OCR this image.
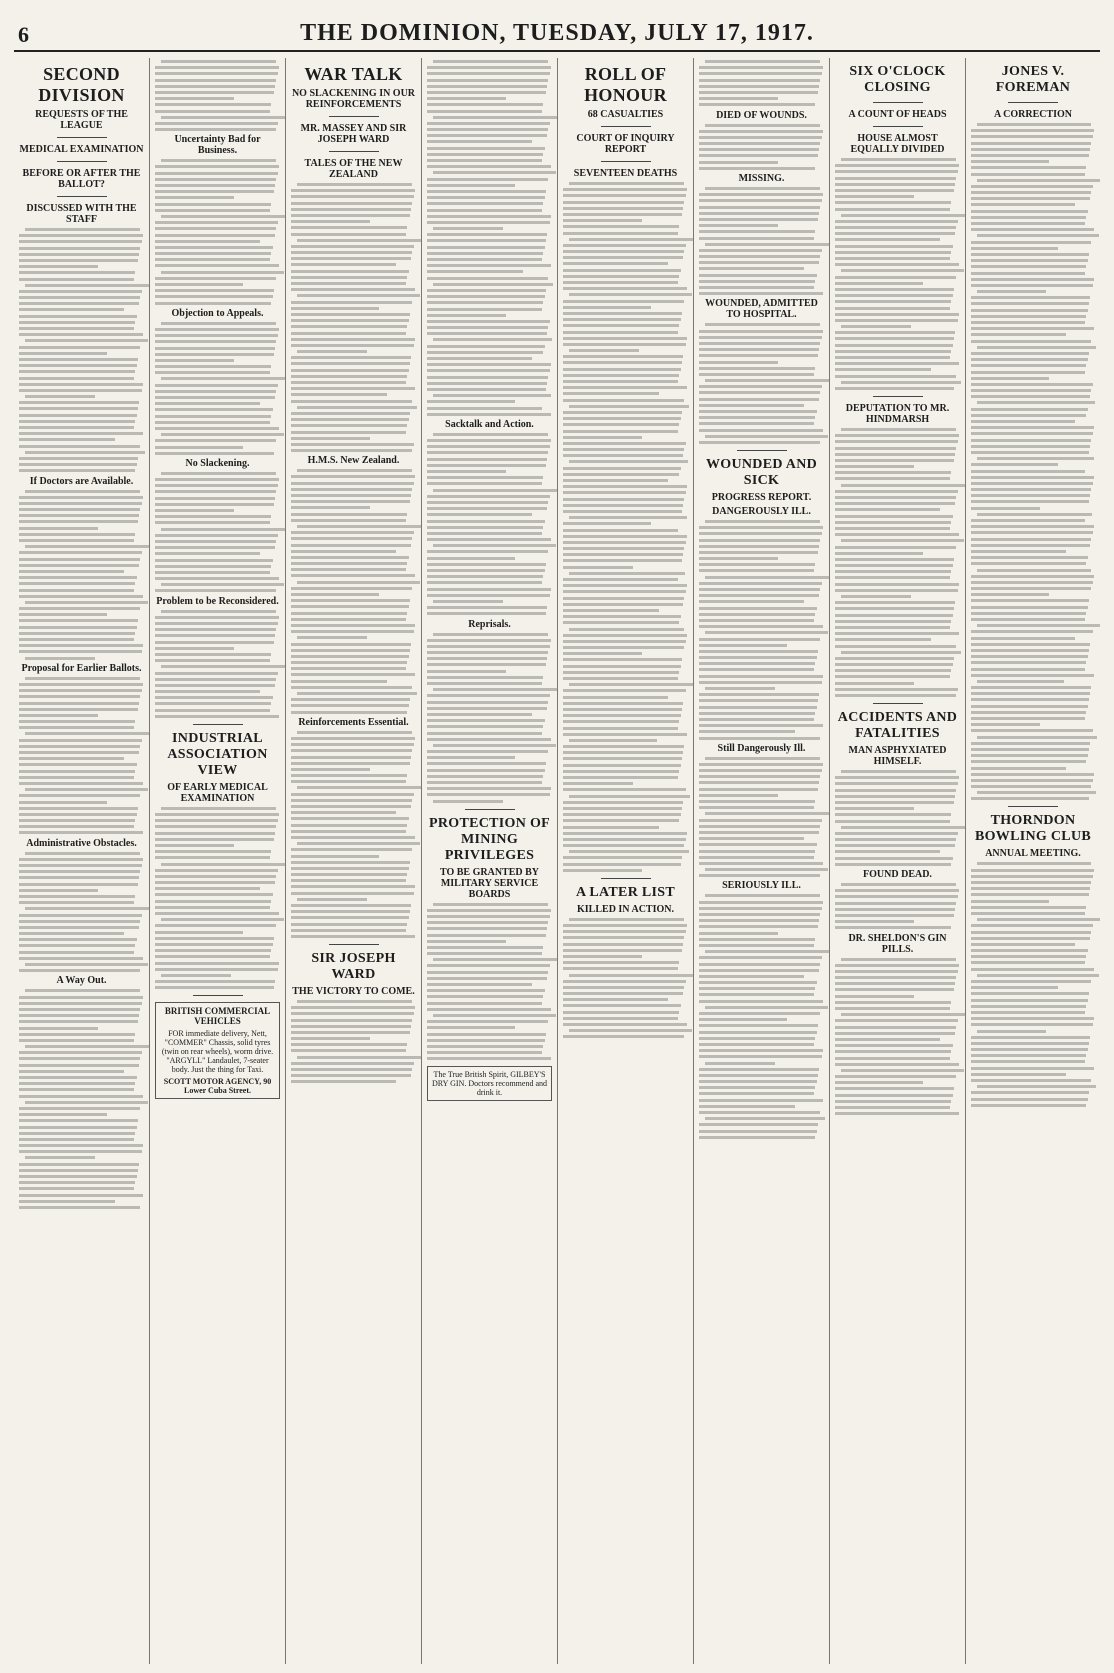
6	THE DOMINION, TUESDAY, JULY 17, 1917.
SECOND DIVISION
REQUESTS OF THE LEAGUE
MEDICAL EXAMINATION
BEFORE OR AFTER THE BALLOT?
DISCUSSED WITH THE STAFF
If Doctors are Available.
Proposal for Earlier Ballots.
Administrative Obstacles.
A Way Out.
Uncertainty Bad for Business.
Objection to Appeals.
No Slackening.
Problem to be Reconsidered.
INDUSTRIAL ASSOCIATION VIEW
OF EARLY MEDICAL EXAMINATION
BRITISH COMMERCIAL VEHICLES
FOR immediate delivery, Nett, "COMMER" Chassis, solid tyres (twin on rear wheels), worm drive. "ARGYLL" Landaulet, 7-seater body. Just the thing for Taxi.
SCOTT MOTOR AGENCY, 90 Lower Cuba Street.
WAR TALK
NO SLACKENING IN OUR REINFORCEMENTS
MR. MASSEY AND SIR JOSEPH WARD
TALES OF THE NEW ZEALAND
H.M.S. New Zealand.
Reinforcements Essential.
SIR JOSEPH WARD
THE VICTORY TO COME.
Sacktalk and Action.
Reprisals.
PROTECTION OF MINING PRIVILEGES
TO BE GRANTED BY MILITARY SERVICE BOARDS
The True British Spirit, GILBEY'S DRY GIN. Doctors recommend and drink it.
ROLL OF HONOUR
68 CASUALTIES
COURT OF INQUIRY REPORT
SEVENTEEN DEATHS
A LATER LIST
KILLED IN ACTION.
DIED OF WOUNDS.
MISSING.
WOUNDED, ADMITTED TO HOSPITAL.
WOUNDED AND SICK
PROGRESS REPORT.
DANGEROUSLY ILL.
Still Dangerously Ill.
SERIOUSLY ILL.
SIX O'CLOCK CLOSING
A COUNT OF HEADS
HOUSE ALMOST EQUALLY DIVIDED
DEPUTATION TO MR. HINDMARSH
ACCIDENTS AND FATALITIES
MAN ASPHYXIATED HIMSELF.
FOUND DEAD.
DR. SHELDON'S GIN PILLS.
JONES V. FOREMAN
A CORRECTION
THORNDON BOWLING CLUB
ANNUAL MEETING.
